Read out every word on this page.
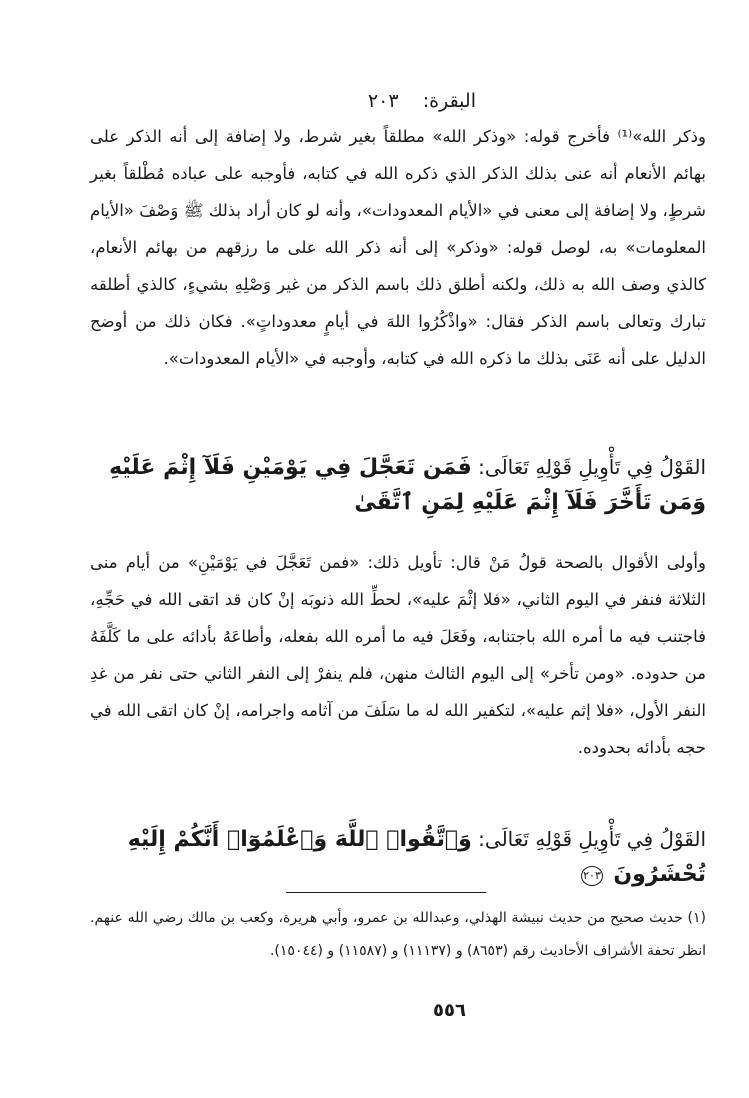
البقرة:    ٢٠٣

وذكر الله»⁽¹⁾ فأخرج قوله: «وذكر الله» مطلقاً بغير شرط، ولا إضافة إلى أنه الذكر على بهائم الأنعام أنه عنى بذلك الذكر الذي ذكره الله في كتابه، فأوجبه على عباده مُطْلقاً بغير شرطٍ، ولا إضافة إلى معنى في «الأيام المعدودات»، وأنه لو كان أراد بذلك ﷺ وَصْفَ «الأيام المعلومات» به، لوصل قوله: «وذكر» إلى أنه ذكر الله على ما رزقهم من بهائم الأنعام، كالذي وصف الله به ذلك، ولكنه أطلق ذلك باسم الذكر من غير وَصْلِهِ بشيءٍ، كالذي أطلقه تبارك وتعالى باسم الذكر فقال: «واذْكُرُوا اللهَ في أيامٍ معدوداتٍ». فكان ذلك من أوضح الدليل على أنه عَنَى بذلك ما ذكره الله في كتابه، وأوجبه في «الأيام المعدودات».

القَوْلُ فِي تَأْوِيلِ قَوْلِهِ تَعَالَى: فَمَن تَعَجَّلَ فِي يَوْمَيْنِ فَلَآ إِثْمَ عَلَيْهِ
وَمَن تَأَخَّرَ فَلَآ إِثْمَ عَلَيْهِ لِمَنِ ٱتَّقَىٰ

وأولى الأقوال بالصحة قولُ مَنْ قال: تأويل ذلك: «فمن تَعَجَّلَ في يَوْمَيْنِ» من أيام منى الثلاثة فنفر في اليوم الثاني، «فلا إثْمَ عليه»، لحطِّ الله ذنوبَه إنْ كان قد اتقى الله في حَجِّهِ، فاجتنب فيه ما أمره الله باجتنابه، وفَعَلَ فيه ما أمره الله بفعله، وأطاعَهُ بأدائه على ما كَلَّفَهُ من حدوده. «ومن تأخر» إلى اليوم الثالث منهن، فلم ينفرْ إلى النفر الثاني حتى نفر من غدِ النفر الأول، «فلا إثم عليه»، لتكفير الله له ما سَلَفَ من آثامه واجرامه، إنْ كان اتقى الله في حجه بأدائه بحدوده.

القَوْلُ فِي تَأْوِيلِ قَوْلِهِ تَعَالَى: وَٱتَّقُوا۟ ٱللَّهَ وَٱعْلَمُوٓا۟ أَنَّكُمْ إِلَيْهِ
تُحْشَرُونَ ٢٠٣
(١) حديث صحيح من حديث نبيشة الهذلي، وعبدالله بن عمرو، وأبي هريرة، وكعب بن مالك رضي الله عنهم. انظر تحفة الأشراف الأحاديث رقم (٨٦٥٣) و (١١١٣٧) و (١١٥٨٧) و (١٥٠٤٤).
٥٥٦
